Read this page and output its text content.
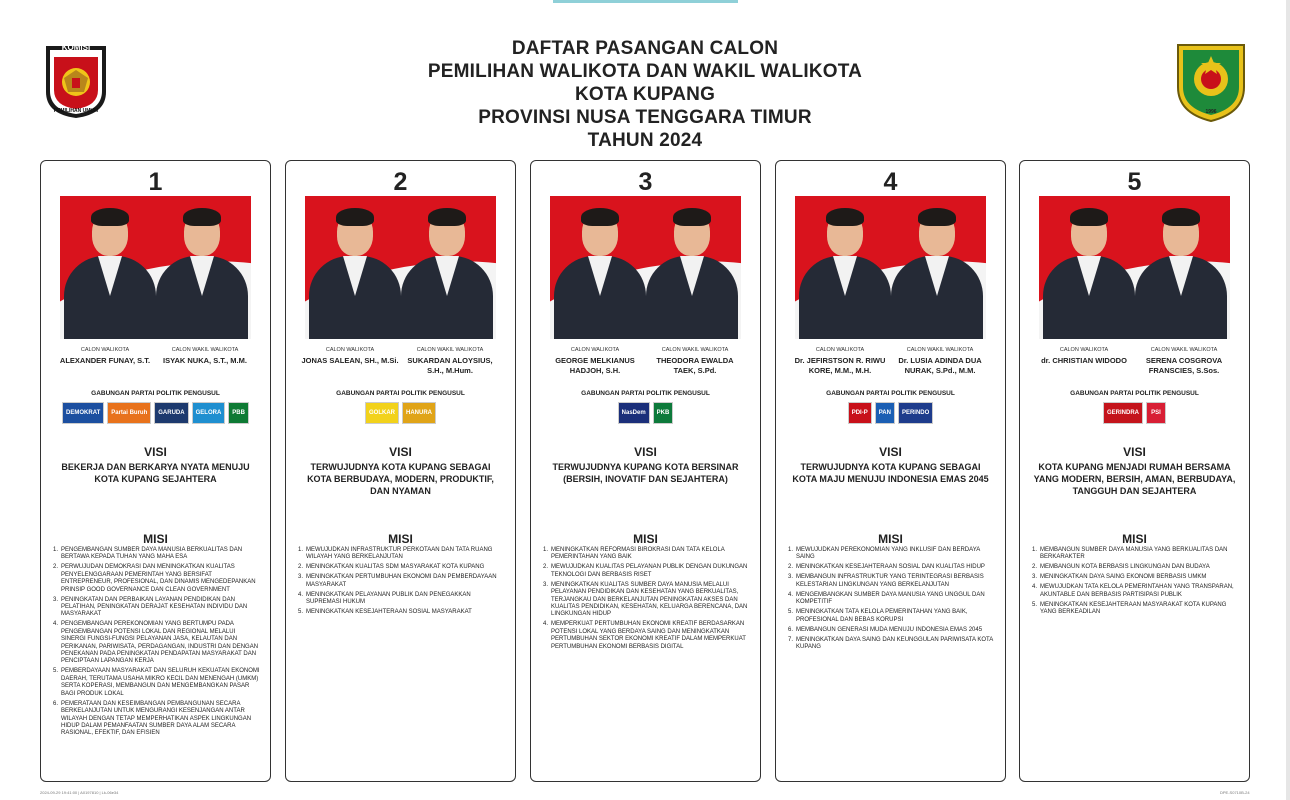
KOMISI
PEMILIHAN UMUM	1996
DAFTAR PASANGAN CALON
PEMILIHAN WALIKOTA DAN WAKIL WALIKOTA
KOTA KUPANG
PROVINSI NUSA TENGGARA TIMUR
TAHUN 2024
1
CALON WALIKOTA
ALEXANDER FUNAY, S.T.
CALON WAKIL WALIKOTA
ISYAK NUKA, S.T., M.M.
GABUNGAN PARTAI POLITIK PENGUSUL
DEMOKRAT	Partai Buruh	GARUDA	GELORA	PBB
VISI
BEKERJA DAN BERKARYA NYATA MENUJU KOTA KUPANG SEJAHTERA
MISI
1. PENGEMBANGAN SUMBER DAYA MANUSIA BERKUALITAS DAN BERTAWA KEPADA TUHAN YANG MAHA ESA
2. PERWUJUDAN DEMOKRASI DAN MENINGKATKAN KUALITAS PENYELENGGARAAN PEMERINTAH YANG BERSIFAT ENTREPRENEUR, PROFESIONAL, DAN DINAMIS MENGEDEPANKAN PRINSIP GOOD GOVERNANCE DAN CLEAN GOVERNMENT
3. PENINGKATAN DAN PERBAIKAN LAYANAN PENDIDIKAN DAN PELATIHAN, PENINGKATAN DERAJAT KESEHATAN INDIVIDU DAN MASYARAKAT
4. PENGEMBANGAN PEREKONOMIAN YANG BERTUMPU PADA PENGEMBANGAN POTENSI LOKAL DAN REGIONAL MELALUI SINERGI FUNGSI-FUNGSI PELAYANAN JASA, KELAUTAN DAN PERIKANAN, PARIWISATA, PERDAGANGAN, INDUSTRI DAN DENGAN PENEKANAN PADA PENINGKATAN PENDAPATAN MASYARAKAT DAN PENCIPTAAN LAPANGAN KERJA
5. PEMBERDAYAAN MASYARAKAT DAN SELURUH KEKUATAN EKONOMI DAERAH, TERUTAMA USAHA MIKRO KECIL DAN MENENGAH (UMKM) SERTA KOPERASI, MEMBANGUN DAN MENGEMBANGKAN PASAR BAGI PRODUK LOKAL
6. PEMERATAAN DAN KESEIMBANGAN PEMBANGUNAN SECARA BERKELANJUTAN UNTUK MENGURANGI KESENJANGAN ANTAR WILAYAH DENGAN TETAP MEMPERHATIKAN ASPEK LINGKUNGAN HIDUP DALAM PEMANFAATAN SUMBER DAYA ALAM SECARA RASIONAL, EFEKTIF, DAN EFISIEN
2
CALON WALIKOTA
JONAS SALEAN, SH., M.Si.
CALON WAKIL WALIKOTA
SUKARDAN ALOYSIUS, S.H., M.Hum.
GABUNGAN PARTAI POLITIK PENGUSUL
GOLKAR	HANURA
VISI
TERWUJUDNYA KOTA KUPANG SEBAGAI KOTA BERBUDAYA, MODERN, PRODUKTIF, DAN NYAMAN
MISI
1. MEWUJUDKAN INFRASTRUKTUR PERKOTAAN DAN TATA RUANG WILAYAH YANG BERKELANJUTAN
2. MENINGKATKAN KUALITAS SDM MASYARAKAT KOTA KUPANG
3. MENINGKATKAN PERTUMBUHAN EKONOMI DAN PEMBERDAYAAN MASYARAKAT
4. MENINGKATKAN PELAYANAN PUBLIK DAN PENEGAKKAN SUPREMASI HUKUM
5. MENINGKATKAN KESEJAHTERAAN SOSIAL MASYARAKAT
3
CALON WALIKOTA
GEORGE MELKIANUS HADJOH, S.H.
CALON WAKIL WALIKOTA
THEODORA EWALDA TAEK, S.Pd.
GABUNGAN PARTAI POLITIK PENGUSUL
NasDem	PKB
VISI
TERWUJUDNYA KUPANG KOTA BERSINAR (BERSIH, INOVATIF DAN SEJAHTERA)
MISI
1. MENINGKATKAN REFORMASI BIROKRASI DAN TATA KELOLA PEMERINTAHAN YANG BAIK
2. MEWUJUDKAN KUALITAS PELAYANAN PUBLIK DENGAN DUKUNGAN TEKNOLOGI DAN BERBASIS RISET
3. MENINGKATKAN KUALITAS SUMBER DAYA MANUSIA MELALUI PELAYANAN PENDIDIKAN DAN KESEHATAN YANG BERKUALITAS, TERJANGKAU DAN BERKELANJUTAN PENINGKATAN AKSES DAN KUALITAS PENDIDIKAN, KESEHATAN, KELUARGA BERENCANA, DAN LINGKUNGAN HIDUP
4. MEMPERKUAT PERTUMBUHAN EKONOMI KREATIF BERDASARKAN POTENSI LOKAL YANG BERDAYA SAING DAN MENINGKATKAN PERTUMBUHAN SEKTOR EKONOMI KREATIF DALAM MEMPERKUAT PERTUMBUHAN EKONOMI BERBASIS DIGITAL
4
CALON WALIKOTA
Dr. JEFIRSTSON R. RIWU KORE, M.M., M.H.
CALON WAKIL WALIKOTA
Dr. LUSIA ADINDA DUA NURAK, S.Pd., M.M.
GABUNGAN PARTAI POLITIK PENGUSUL
PDI-P	PAN	PERINDO
VISI
TERWUJUDNYA KOTA KUPANG SEBAGAI KOTA MAJU MENUJU INDONESIA EMAS 2045
MISI
1. MEWUJUDKAN PEREKONOMIAN YANG INKLUSIF DAN BERDAYA SAING
2. MENINGKATKAN KESEJAHTERAAN SOSIAL DAN KUALITAS HIDUP
3. MEMBANGUN INFRASTRUKTUR YANG TERINTEGRASI BERBASIS KELESTARIAN LINGKUNGAN YANG BERKELANJUTAN
4. MENGEMBANGKAN SUMBER DAYA MANUSIA YANG UNGGUL DAN KOMPETITIF
5. MENINGKATKAN TATA KELOLA PEMERINTAHAN YANG BAIK, PROFESIONAL DAN BEBAS KORUPSI
6. MEMBANGUN GENERASI MUDA MENUJU INDONESIA EMAS 2045
7. MENINGKATKAN DAYA SAING DAN KEUNGGULAN PARIWISATA KOTA KUPANG
5
CALON WALIKOTA
dr. CHRISTIAN WIDODO
CALON WAKIL WALIKOTA
SERENA COSGROVA FRANSCIES, S.Sos.
GABUNGAN PARTAI POLITIK PENGUSUL
GERINDRA	PSI
VISI
KOTA KUPANG MENJADI RUMAH BERSAMA YANG MODERN, BERSIH, AMAN, BERBUDAYA, TANGGUH DAN SEJAHTERA
MISI
1. MEMBANGUN SUMBER DAYA MANUSIA YANG BERKUALITAS DAN BERKARAKTER
2. MEMBANGUN KOTA BERBASIS LINGKUNGAN DAN BUDAYA
3. MENINGKATKAN DAYA SAING EKONOMI BERBASIS UMKM
4. MEWUJUDKAN TATA KELOLA PEMERINTAHAN YANG TRANSPARAN, AKUNTABLE DAN BERBASIS PARTISIPASI PUBLIK
5. MENINGKATKAN KESEJAHTERAAN MASYARAKAT KOTA KUPANG YANG BERKEADILAN
2024-09-29 19:41:00 | A0197810 | Lk-06e34	DPE-S0710B-24
